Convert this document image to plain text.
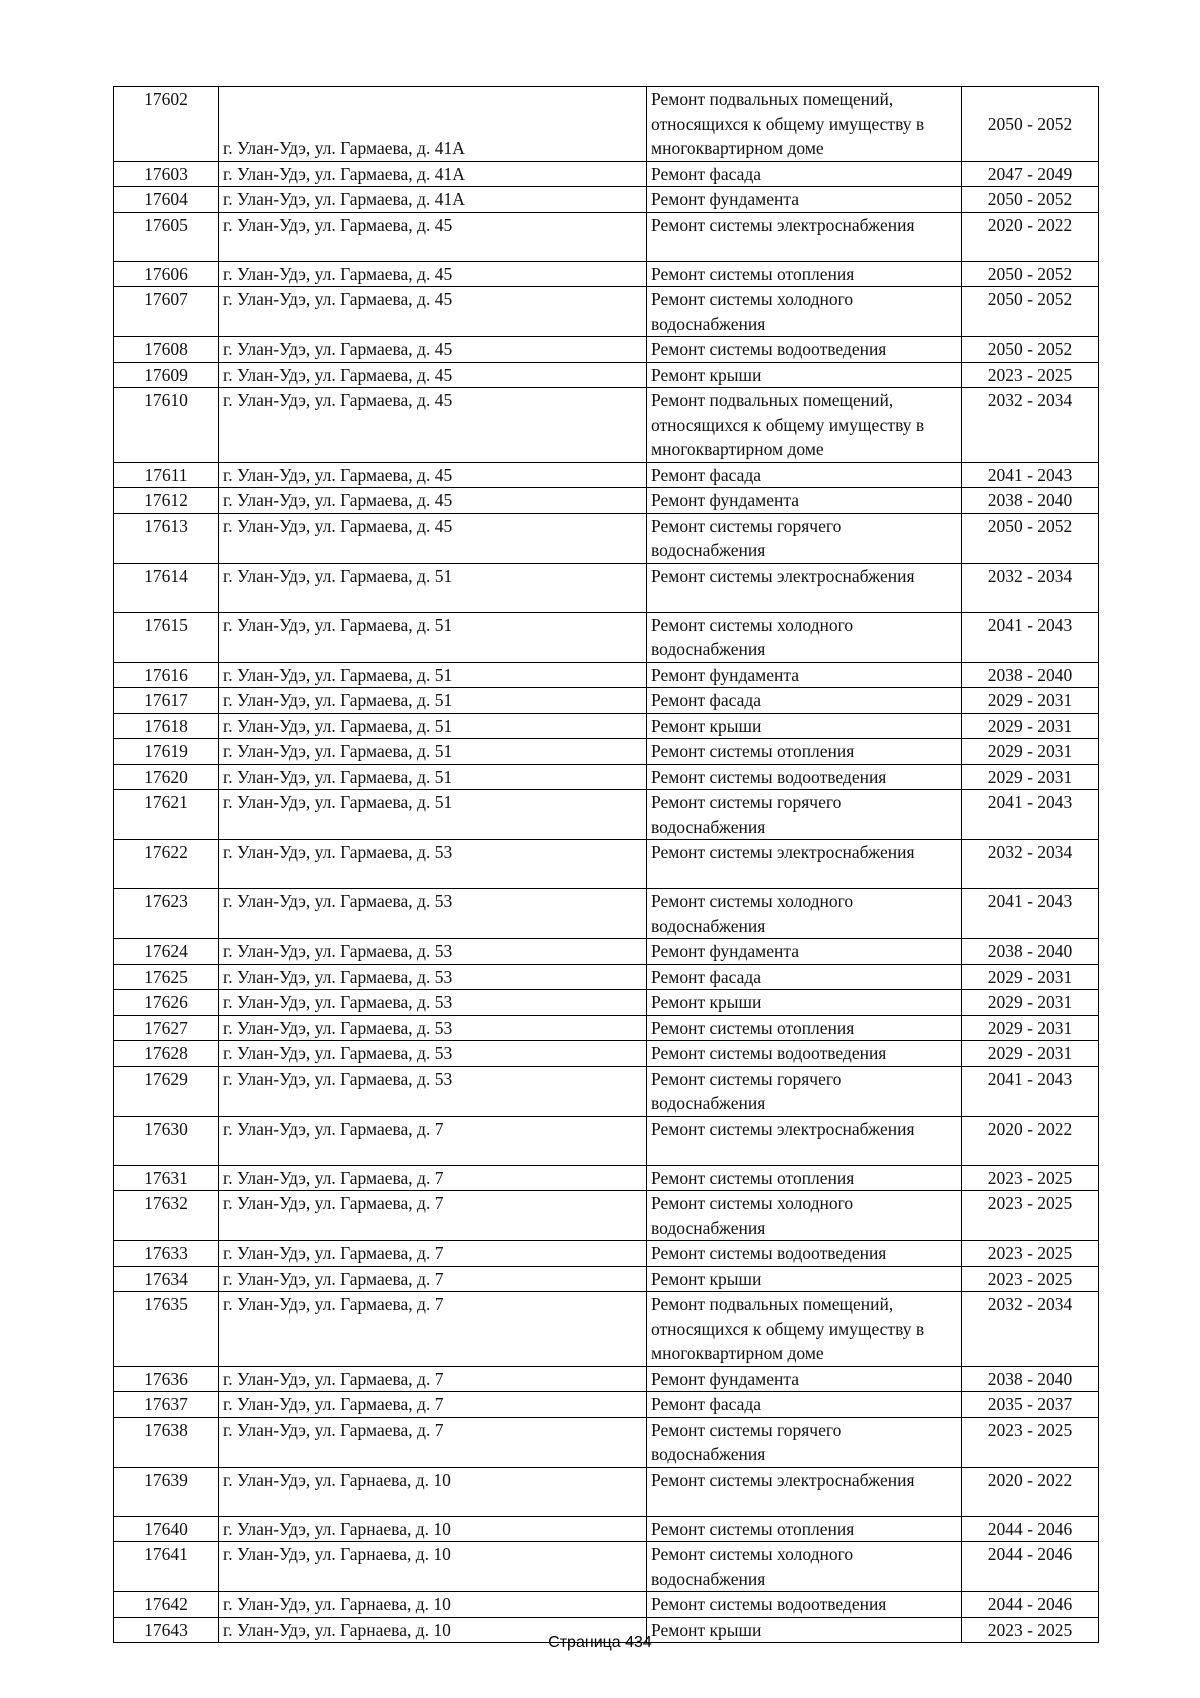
17602	г. Улан-Удэ, ул. Гармаева, д. 41А	Ремонт подвальных помещений, относящихся к общему имуществу в многоквартирном доме	2050 - 2052
17603	г. Улан-Удэ, ул. Гармаева, д. 41А	Ремонт фасада	2047 - 2049
17604	г. Улан-Удэ, ул. Гармаева, д. 41А	Ремонт фундамента	2050 - 2052
17605	г. Улан-Удэ, ул. Гармаева, д. 45	Ремонт системы электроснабжения	2020 - 2022
17606	г. Улан-Удэ, ул. Гармаева, д. 45	Ремонт системы отопления	2050 - 2052
17607	г. Улан-Удэ, ул. Гармаева, д. 45	Ремонт системы холодного водоснабжения	2050 - 2052
17608	г. Улан-Удэ, ул. Гармаева, д. 45	Ремонт системы водоотведения	2050 - 2052
17609	г. Улан-Удэ, ул. Гармаева, д. 45	Ремонт крыши	2023 - 2025
17610	г. Улан-Удэ, ул. Гармаева, д. 45	Ремонт подвальных помещений, относящихся к общему имуществу в многоквартирном доме	2032 - 2034
17611	г. Улан-Удэ, ул. Гармаева, д. 45	Ремонт фасада	2041 - 2043
17612	г. Улан-Удэ, ул. Гармаева, д. 45	Ремонт фундамента	2038 - 2040
17613	г. Улан-Удэ, ул. Гармаева, д. 45	Ремонт системы горячего водоснабжения	2050 - 2052
17614	г. Улан-Удэ, ул. Гармаева, д. 51	Ремонт системы электроснабжения	2032 - 2034
17615	г. Улан-Удэ, ул. Гармаева, д. 51	Ремонт системы холодного водоснабжения	2041 - 2043
17616	г. Улан-Удэ, ул. Гармаева, д. 51	Ремонт фундамента	2038 - 2040
17617	г. Улан-Удэ, ул. Гармаева, д. 51	Ремонт фасада	2029 - 2031
17618	г. Улан-Удэ, ул. Гармаева, д. 51	Ремонт крыши	2029 - 2031
17619	г. Улан-Удэ, ул. Гармаева, д. 51	Ремонт системы отопления	2029 - 2031
17620	г. Улан-Удэ, ул. Гармаева, д. 51	Ремонт системы водоотведения	2029 - 2031
17621	г. Улан-Удэ, ул. Гармаева, д. 51	Ремонт системы горячего водоснабжения	2041 - 2043
17622	г. Улан-Удэ, ул. Гармаева, д. 53	Ремонт системы электроснабжения	2032 - 2034
17623	г. Улан-Удэ, ул. Гармаева, д. 53	Ремонт системы холодного водоснабжения	2041 - 2043
17624	г. Улан-Удэ, ул. Гармаева, д. 53	Ремонт фундамента	2038 - 2040
17625	г. Улан-Удэ, ул. Гармаева, д. 53	Ремонт фасада	2029 - 2031
17626	г. Улан-Удэ, ул. Гармаева, д. 53	Ремонт крыши	2029 - 2031
17627	г. Улан-Удэ, ул. Гармаева, д. 53	Ремонт системы отопления	2029 - 2031
17628	г. Улан-Удэ, ул. Гармаева, д. 53	Ремонт системы водоотведения	2029 - 2031
17629	г. Улан-Удэ, ул. Гармаева, д. 53	Ремонт системы горячего водоснабжения	2041 - 2043
17630	г. Улан-Удэ, ул. Гармаева, д. 7	Ремонт системы электроснабжения	2020 - 2022
17631	г. Улан-Удэ, ул. Гармаева, д. 7	Ремонт системы отопления	2023 - 2025
17632	г. Улан-Удэ, ул. Гармаева, д. 7	Ремонт системы холодного водоснабжения	2023 - 2025
17633	г. Улан-Удэ, ул. Гармаева, д. 7	Ремонт системы водоотведения	2023 - 2025
17634	г. Улан-Удэ, ул. Гармаева, д. 7	Ремонт крыши	2023 - 2025
17635	г. Улан-Удэ, ул. Гармаева, д. 7	Ремонт подвальных помещений, относящихся к общему имуществу в многоквартирном доме	2032 - 2034
17636	г. Улан-Удэ, ул. Гармаева, д. 7	Ремонт фундамента	2038 - 2040
17637	г. Улан-Удэ, ул. Гармаева, д. 7	Ремонт фасада	2035 - 2037
17638	г. Улан-Удэ, ул. Гармаева, д. 7	Ремонт системы горячего водоснабжения	2023 - 2025
17639	г. Улан-Удэ, ул. Гарнаева, д. 10	Ремонт системы электроснабжения	2020 - 2022
17640	г. Улан-Удэ, ул. Гарнаева, д. 10	Ремонт системы отопления	2044 - 2046
17641	г. Улан-Удэ, ул. Гарнаева, д. 10	Ремонт системы холодного водоснабжения	2044 - 2046
17642	г. Улан-Удэ, ул. Гарнаева, д. 10	Ремонт системы водоотведения	2044 - 2046
17643	г. Улан-Удэ, ул. Гарнаева, д. 10	Ремонт крыши	2023 - 2025
Страница 434
